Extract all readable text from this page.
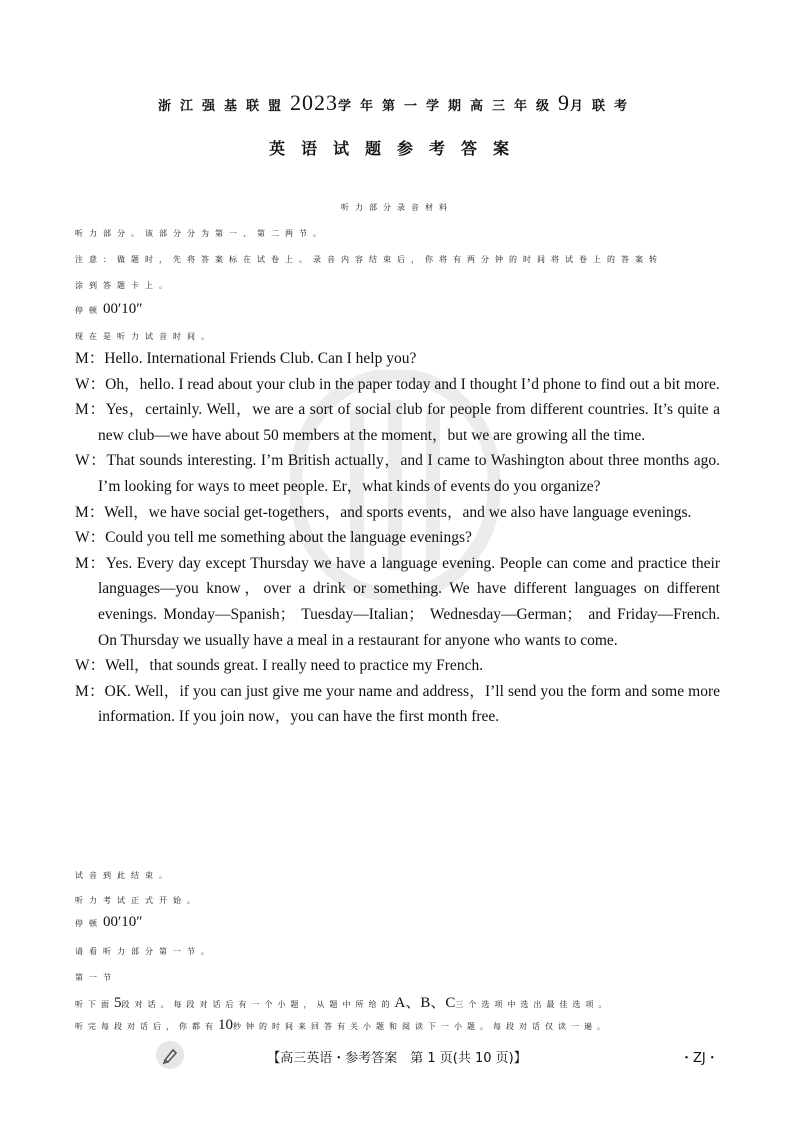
浙江强基联盟2023学年第一学期高三年级9月联考
英语试题参考答案
听力部分录音材料
听力部分。该部分分为第一、第二两节。
注意：做题时，先将答案标在试卷上。录音内容结束后，你将有两分钟的时间将试卷上的答案转
涂到答题卡上。
停顿00′10″
现在是听力试音时间。

M：Hello. International Friends Club. Can I help you?

W：Oh，hello. I read about your club in the paper today and I thought I’d phone to find out a bit more.

M：Yes，certainly. Well，we are a sort of social club for people from different countries. It’s quite a new club—we have about 50 members at the moment，but we are growing all the time.

W：That sounds interesting. I’m British actually，and I came to Washington about three months ago. I’m looking for ways to meet people. Er，what kinds of events do you organize?

M：Well，we have social get-togethers，and sports events，and we also have language evenings.

W：Could you tell me something about the language evenings?

M：Yes. Every day except Thursday we have a language evening. People can come and practice their languages—you know，over a drink or something. We have different languages on different evenings. Monday—Spanish； Tuesday—Italian； Wednesday—German； and Friday—French. On Thursday we usually have a meal in a restaurant for anyone who wants to come.

W：Well，that sounds great. I really need to practice my French.

M：OK. Well，if you can just give me your name and address，I’ll send you the form and some more information. If you join now，you can have the first month free.

试音到此结束。
听力考试正式开始。
停顿00′10″
请看听力部分第一节。
第一节
听下面5段对话。每段对话后有一个小题，从题中所给的A、B、C三个选项中选出最佳选项。
听完每段对话后，你都有10秒钟的时间来回答有关小题和阅读下一小题。每段对话仅读一遍。
【高三英语・参考答案　第 1 页(共 10 页)】	・ZJ・
